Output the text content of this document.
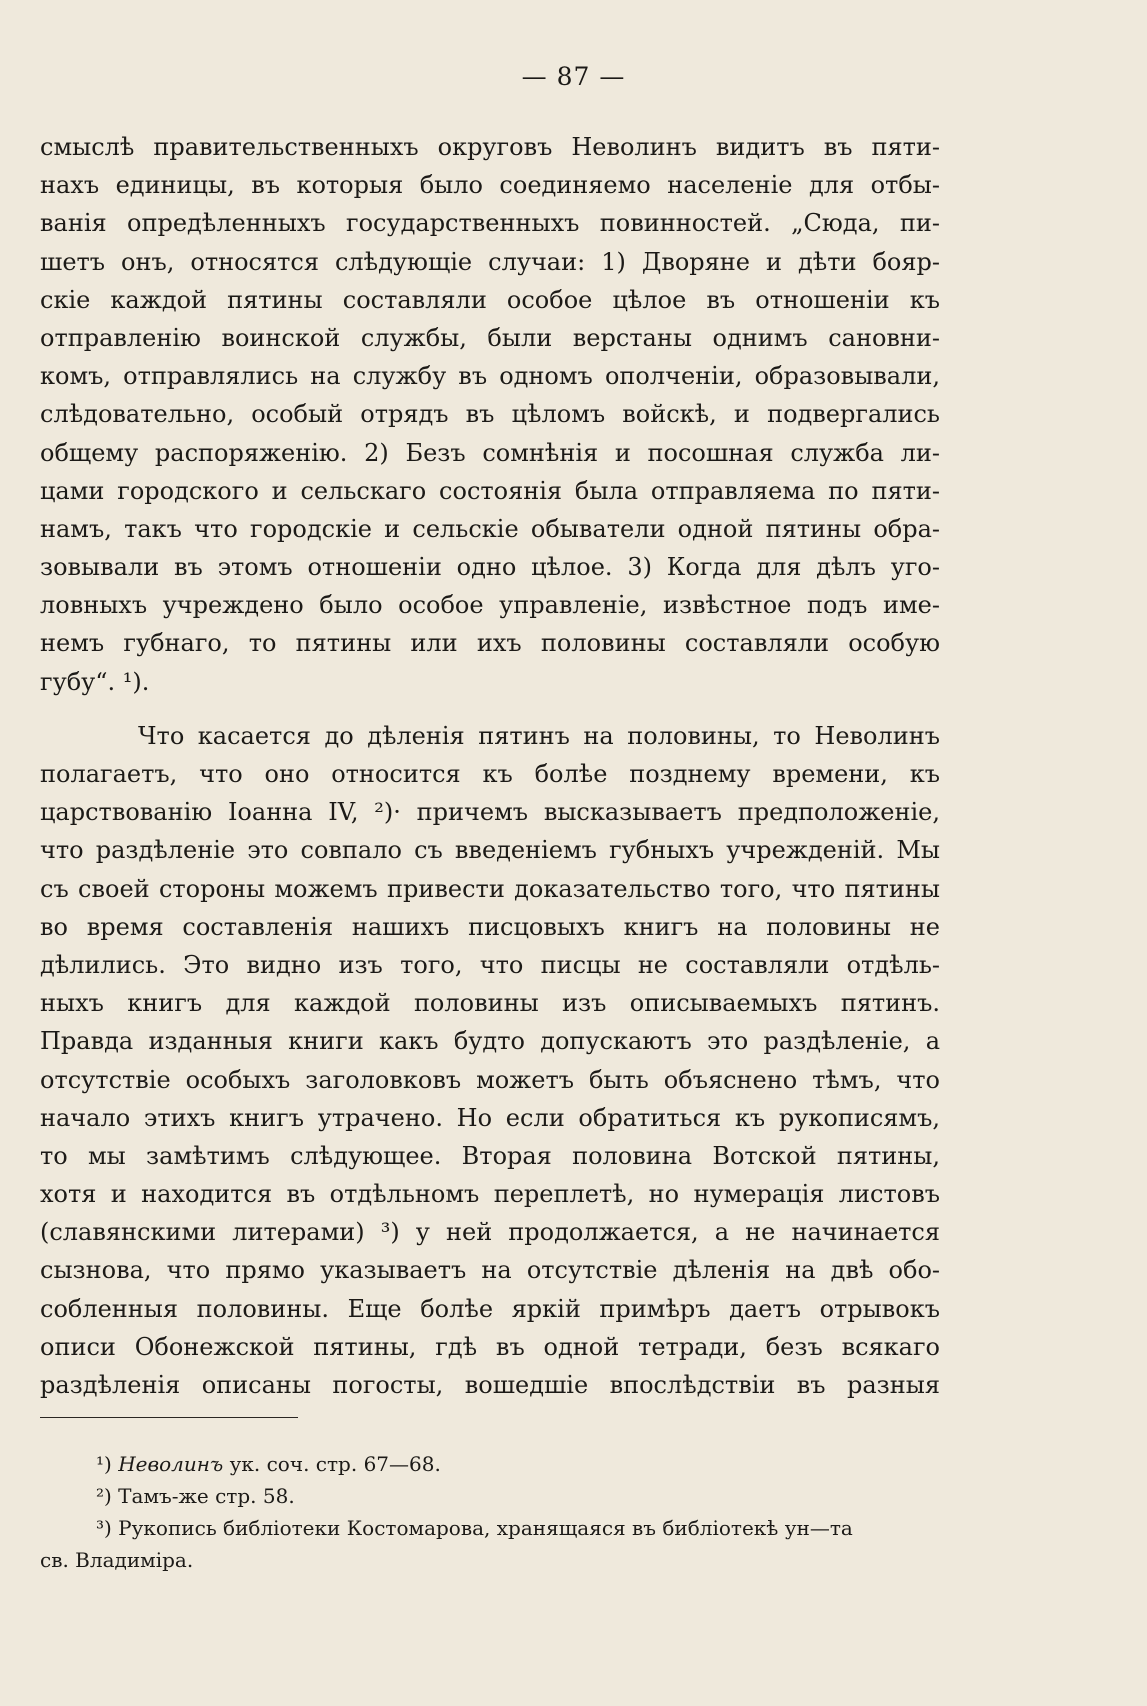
— 87 —
смыслѣ правительственныхъ округовъ Неволинъ видитъ въ пяти-
нахъ единицы, въ которыя было соединяемо населеніе для отбы-
ванія опредѣленныхъ государственныхъ повинностей. „Сюда, пи-
шетъ онъ, относятся слѣдующіе случаи: 1) Дворяне и дѣти бояр-
скіе каждой пятины составляли особое цѣлое въ отношеніи къ
отправленію воинской службы, были верстаны однимъ сановни-
комъ, отправлялись на службу въ одномъ ополченіи, образовывали,
слѣдовательно, особый отрядъ въ цѣломъ войскѣ, и подвергались
общему распоряженію. 2) Безъ сомнѣнія и посошная служба ли-
цами городского и сельскаго состоянія была отправляема по пяти-
намъ, такъ что городскіе и сельскіе обыватели одной пятины обра-
зовывали въ этомъ отношеніи одно цѣлое. 3) Когда для дѣлъ уго-
ловныхъ учреждено было особое управленіе, извѣстное подъ име-
немъ губнаго, то пятины или ихъ половины составляли особую
губу“. ¹).
Что касается до дѣленія пятинъ на половины, то Неволинъ
полагаетъ, что оно относится къ болѣе позднему времени, къ
царствованію Іоанна IV, ²)· причемъ высказываетъ предположеніе,
что раздѣленіе это совпало съ введеніемъ губныхъ учрежденій. Мы
съ своей стороны можемъ привести доказательство того, что пятины
во время составленія нашихъ писцовыхъ книгъ на половины не
дѣлились. Это видно изъ того, что писцы не составляли отдѣль-
ныхъ книгъ для каждой половины изъ описываемыхъ пятинъ.
Правда изданныя книги какъ будто допускаютъ это раздѣленіе, а
отсутствіе особыхъ заголовковъ можетъ быть объяснено тѣмъ, что
начало этихъ книгъ утрачено. Но если обратиться къ рукописямъ,
то мы замѣтимъ слѣдующее. Вторая половина Вотской пятины,
хотя и находится въ отдѣльномъ переплетѣ, но нумерація листовъ
(славянскими литерами) ³) у ней продолжается, а не начинается
сызнова, что прямо указываетъ на отсутствіе дѣленія на двѣ обо-
собленныя половины. Еще болѣе яркій примѣръ даетъ отрывокъ
описи Обонежской пятины, гдѣ въ одной тетради, безъ всякаго
раздѣленія описаны погосты, вошедшіе впослѣдствіи въ разныя
¹) Неволинъ ук. соч. стр. 67—68.
²) Тамъ-же стр. 58.
³) Рукопись библіотеки Костомарова, хранящаяся въ библіотекѣ ун—та
св. Владиміра.
